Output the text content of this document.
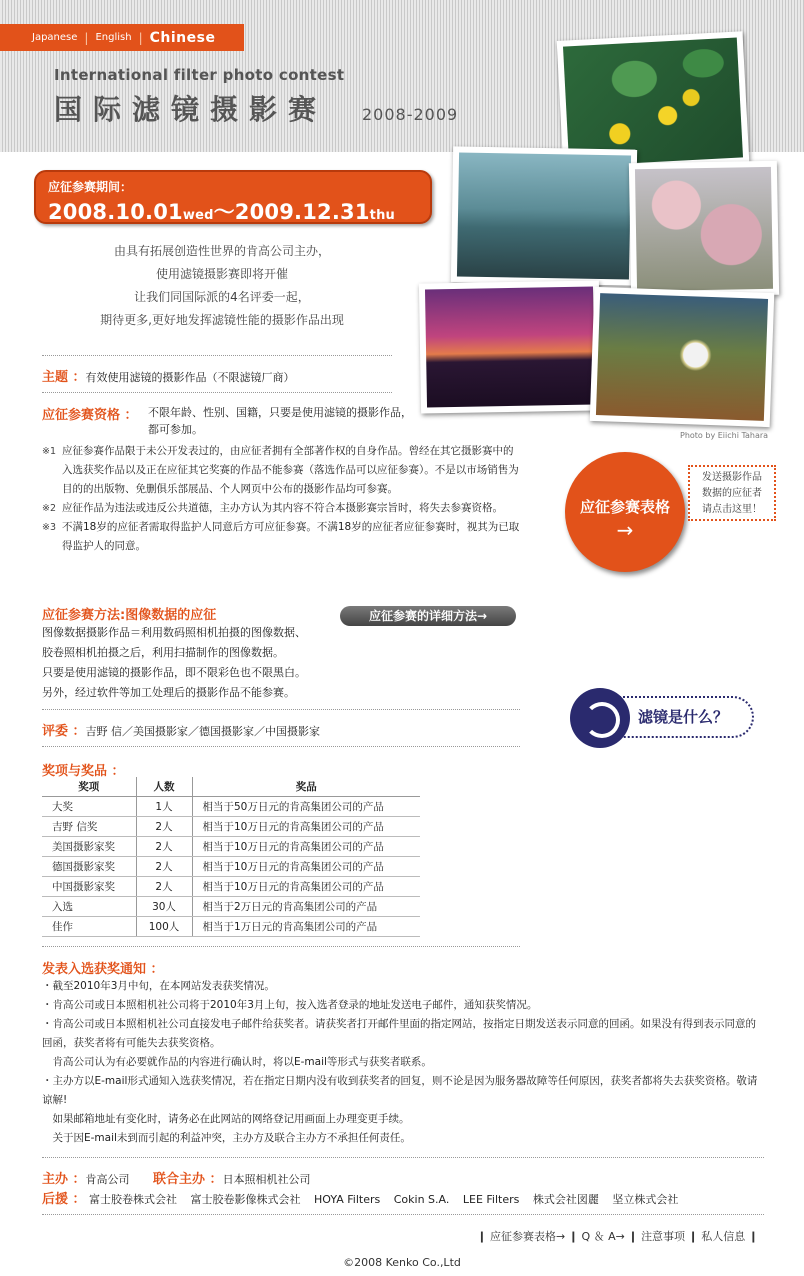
Japanese | English | Chinese
International filter photo contest
国际滤镜摄影赛 2008-2009
Photo by Eiichi Tahara
应征参赛期间：
2008.10.01wed～2009.12.31thu
由具有拓展创造性世界的肯高公司主办，
使用滤镜摄影赛即将开催
让我们同国际派的4名评委一起，
期待更多,更好地发挥滤镜性能的摄影作品出现
主题 ：有效使用滤镜的摄影作品（不限滤镜厂商）
应征参赛资格 ： 不限年龄、性别、国籍，只要是使用滤镜的摄影作品，
都可参加。
※1 应征参赛作品限于未公开发表过的，由应征者拥有全部著作权的自身作品。曾经在其它摄影赛中的入选获奖作品以及正在应征其它奖赛的作品不能参赛（落选作品可以应征参赛）。不是以市场销售为目的的出版物、免删俱乐部展品、个人网页中公布的摄影作品均可参赛。
※2 应征作品为违法或违反公共道德，主办方认为其内容不符合本摄影赛宗旨时，将失去参赛资格。
※3 不满18岁的应征者需取得监护人同意后方可应征参赛。不满18岁的应征者应征参赛时，视其为已取得监护人的同意。
应征参赛方法:图像数据的应征	应征参赛的详细方法→
图像数据摄影作品＝利用数码照相机拍摄的图像数据、
胶卷照相机拍摄之后，利用扫描制作的图像数据。
只要是使用滤镜的摄影作品，即不限彩色也不限黑白。
另外，经过软件等加工处理后的摄影作品不能参赛。
评委 ：吉野 信／美国摄影家／德国摄影家／中国摄影家
奖项与奖品 ：
奖项	人数	奖品
大奖	1人	相当于50万日元的肯高集团公司的产品
吉野 信奖	2人	相当于10万日元的肯高集团公司的产品
美国摄影家奖	2人	相当于10万日元的肯高集团公司的产品
德国摄影家奖	2人	相当于10万日元的肯高集团公司的产品
中国摄影家奖	2人	相当于10万日元的肯高集团公司的产品
入选	30人	相当于2万日元的肯高集团公司的产品
佳作	100人	相当于1万日元的肯高集团公司的产品
发表入选获奖通知 ：

・截至2010年3月中旬，在本网站发表获奖情况。

・肯高公司或日本照相机社公司将于2010年3月上旬，按入选者登录的地址发送电子邮件，通知获奖情况。

・肯高公司或日本照相机社公司直接发电子邮件给获奖者。请获奖者打开邮件里面的指定网站，按指定日期发送表示同意的回函。如果没有得到表示同意的回函，获奖者将有可能失去获奖资格。

　肯高公司认为有必要就作品的内容进行确认时，将以E-mail等形式与获奖者联系。

・主办方以E-mail形式通知入选获奖情况，若在指定日期内没有收到获奖者的回复，则不论是因为服务器故障等任何原因，获奖者都将失去获奖资格。敬请谅解!

　如果邮箱地址有变化时，请务必在此网站的网络登记用画面上办理变更手续。

　关于因E-mail未到而引起的利益冲突，主办方及联合主办方不承担任何责任。

主办 ：肯高公司 联合主办 ：日本照相机社公司
后援 ： 富士胶卷株式会社 富士胶卷影像株式会社 HOYA Filters Cokin S.A. LEE Filters 株式会社図麗 坚立株式会社
❙ 应征参赛表格→ ❙ Q ＆ A→ ❙ 注意事项 ❙ 私人信息 ❙
©2008 Kenko Co.,Ltd
应征参赛表格
→
发送摄影作品
数据的应征者
请点击这里！
滤镜是什么？
